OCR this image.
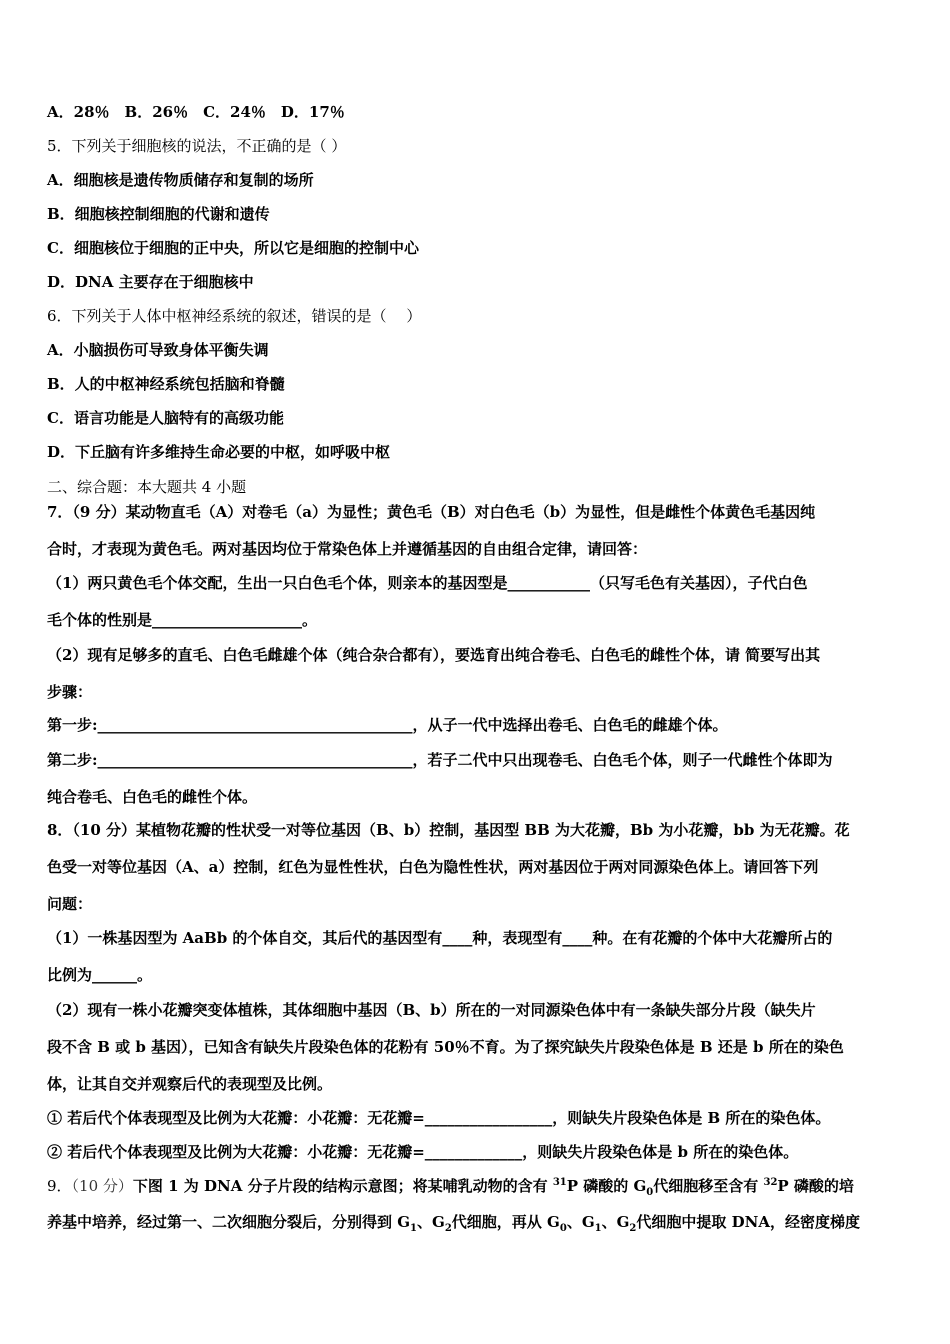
A．28％　B．26％　C．24％　D．17％
5．下列关于细胞核的说法，不正确的是（ ）
A．细胞核是遗传物质储存和复制的场所
B．细胞核控制细胞的代谢和遗传
C．细胞核位于细胞的正中央，所以它是细胞的控制中心
D．DNA 主要存在于细胞核中
6．下列关于人体中枢神经系统的叙述，错误的是（　 ）
A．小脑损伤可导致身体平衡失调
B．人的中枢神经系统包括脑和脊髓
C．语言功能是人脑特有的高级功能
D．下丘脑有许多维持生命必要的中枢，如呼吸中枢
二、综合题：本大题共 4 小题
7．（9 分）某动物直毛（A）对卷毛（a）为显性；黄色毛（B）对白色毛（b）为显性，但是雌性个体黄色毛基因纯
合时，才表现为黄色毛。两对基因均位于常染色体上并遵循基因的自由组合定律，请回答：
（1）两只黄色毛个体交配，生出一只白色毛个体，则亲本的基因型是___________（只写毛色有关基因），子代白色
毛个体的性别是____________________。
（2）现有足够多的直毛、白色毛雌雄个体（纯合杂合都有），要选育出纯合卷毛、白色毛的雌性个体，请 简要写出其
步骤：
第一步:__________________________________________，从子一代中选择出卷毛、白色毛的雌雄个体。
第二步:__________________________________________，若子二代中只出现卷毛、白色毛个体，则子一代雌性个体即为
纯合卷毛、白色毛的雌性个体。
8．（10 分）某植物花瓣的性状受一对等位基因（B、b）控制，基因型 BB 为大花瓣，Bb 为小花瓣，bb 为无花瓣。花
色受一对等位基因（A、a）控制，红色为显性性状，白色为隐性性状，两对基因位于两对同源染色体上。请回答下列
问题：
（1）一株基因型为 AaBb 的个体自交，其后代的基因型有____种，表现型有____种。在有花瓣的个体中大花瓣所占的
比例为______。
（2）现有一株小花瓣突变体植株，其体细胞中基因（B、b）所在的一对同源染色体中有一条缺失部分片段（缺失片
段不含 B 或 b 基因），已知含有缺失片段染色体的花粉有 50％不育。为了探究缺失片段染色体是 B 还是 b 所在的染色
体，让其自交并观察后代的表现型及比例。
① 若后代个体表现型及比例为大花瓣：小花瓣：无花瓣=_________________，则缺失片段染色体是 B 所在的染色体。
② 若后代个体表现型及比例为大花瓣：小花瓣：无花瓣=_____________，则缺失片段染色体是 b 所在的染色体。
9．（10 分）下图 1 为 DNA 分子片段的结构示意图；将某哺乳动物的含有 $^{31}$P 磷酸的 $G_0$代细胞移至含有 $^{32}$P 磷酸的培
养基中培养，经过第一、二次细胞分裂后，分别得到 $G_1$、$G_2$代细胞，再从 $G_0$、$G_1$、$G_2$代细胞中提取 DNA，经密度梯度
